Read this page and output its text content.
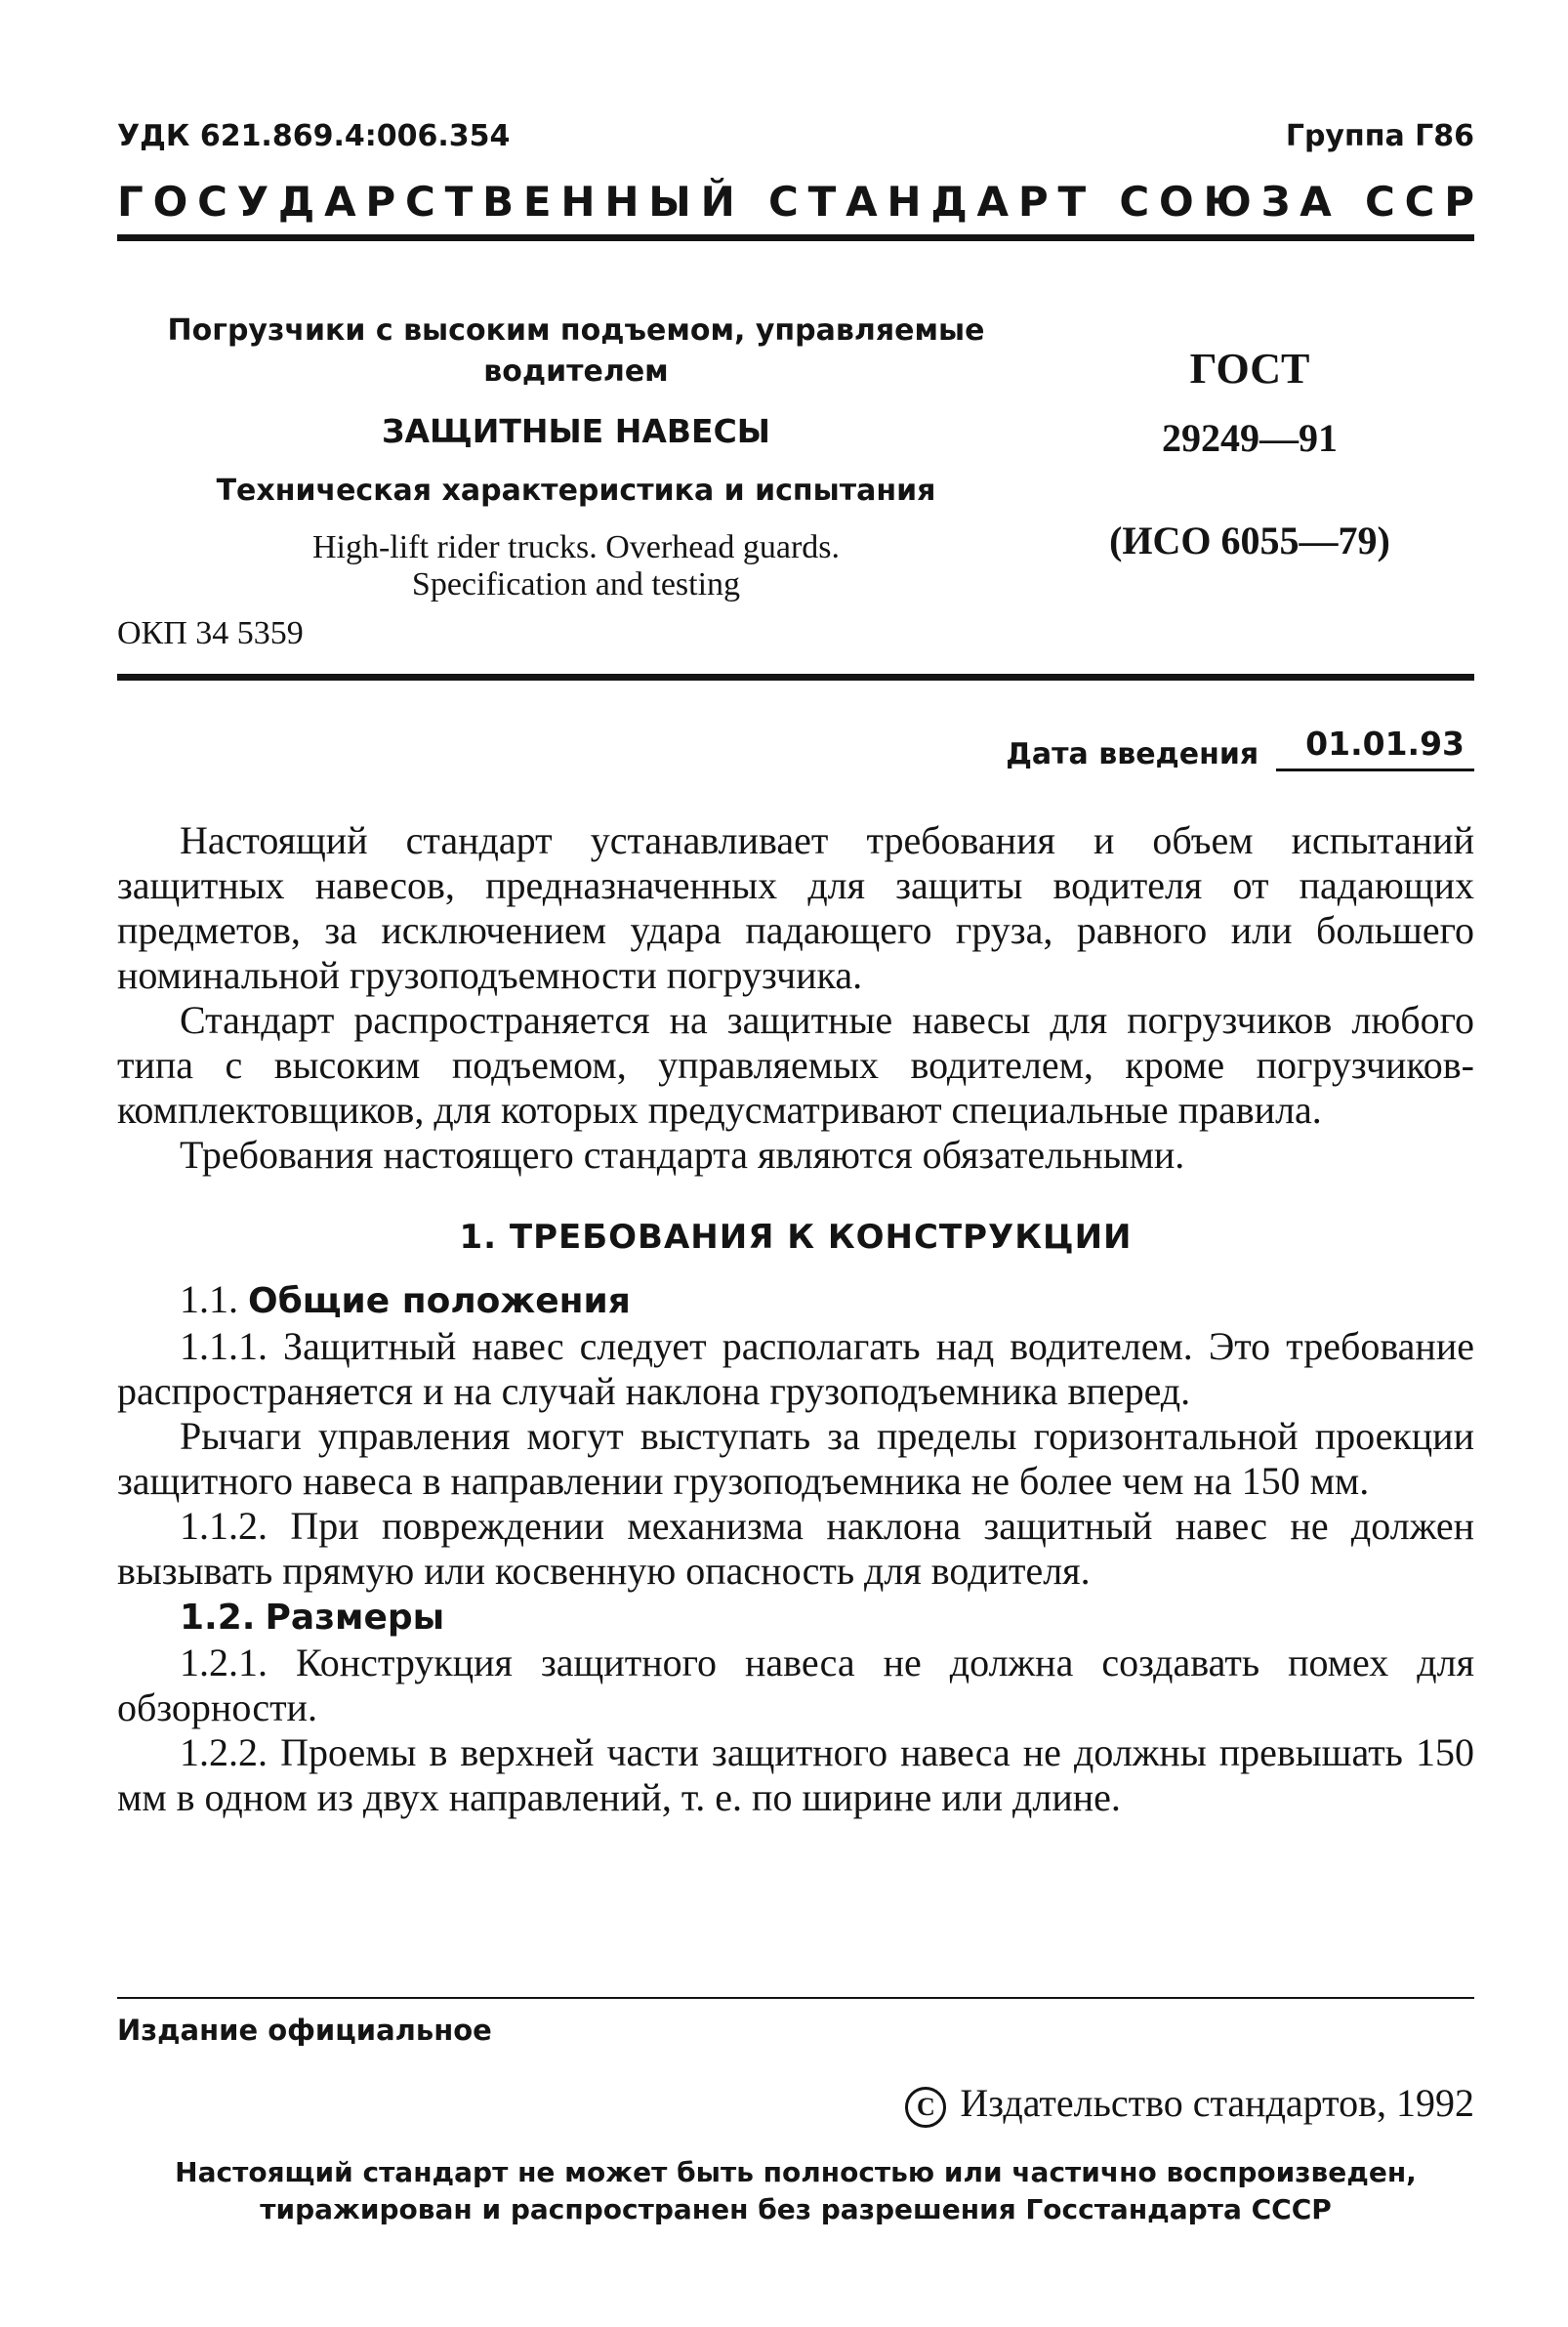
УДК 621.869.4:006.354	Группа Г86
Г О С У Д А Р С Т В Е Н Н Ы Й
С Т А Н Д А Р Т
С О Ю З А
С С Р
Погрузчики с высоким подъемом, управляемые
водителем
ЗАЩИТНЫЕ НАВЕСЫ
Техническая характеристика и испытания
High-lift rider trucks. Overhead guards.
Specification and testing
ОКП 34 5359
ГОСТ
29249—91
(ИСО 6055—79)
Дата введения	01.01.93

Настоящий стандарт устанавливает требования и объем испытаний защитных навесов, предназначенных для защиты водителя от падающих предметов, за исключением удара падающего груза, равного или большего номинальной грузоподъемности погрузчика.

Стандарт распространяется на защитные навесы для погрузчиков любого типа с высоким подъемом, управляемых водителем, кроме погрузчиков-комплектовщиков, для которых предусматривают специальные правила.

Требования настоящего стандарта являются обязательными.

1. ТРЕБОВАНИЯ К КОНСТРУКЦИИ

1.1. Общие положения

1.1.1. Защитный навес следует располагать над водителем. Это требование распространяется и на случай наклона грузоподъемника вперед.

Рычаги управления могут выступать за пределы горизонтальной проекции защитного навеса в направлении грузоподъемника не более чем на 150 мм.

1.1.2. При повреждении механизма наклона защитный навес не должен вызывать прямую или косвенную опасность для водителя.

1.2. Размеры

1.2.1. Конструкция защитного навеса не должна создавать помех для обзорности.

1.2.2. Проемы в верхней части защитного навеса не должны превышать 150 мм в одном из двух направлений, т. е. по ширине или длине.

Издание официальное
C Издательство стандартов, 1992
Настоящий стандарт не может быть полностью или частично воспроизведен,
тиражирован и распространен без разрешения Госстандарта СССР
